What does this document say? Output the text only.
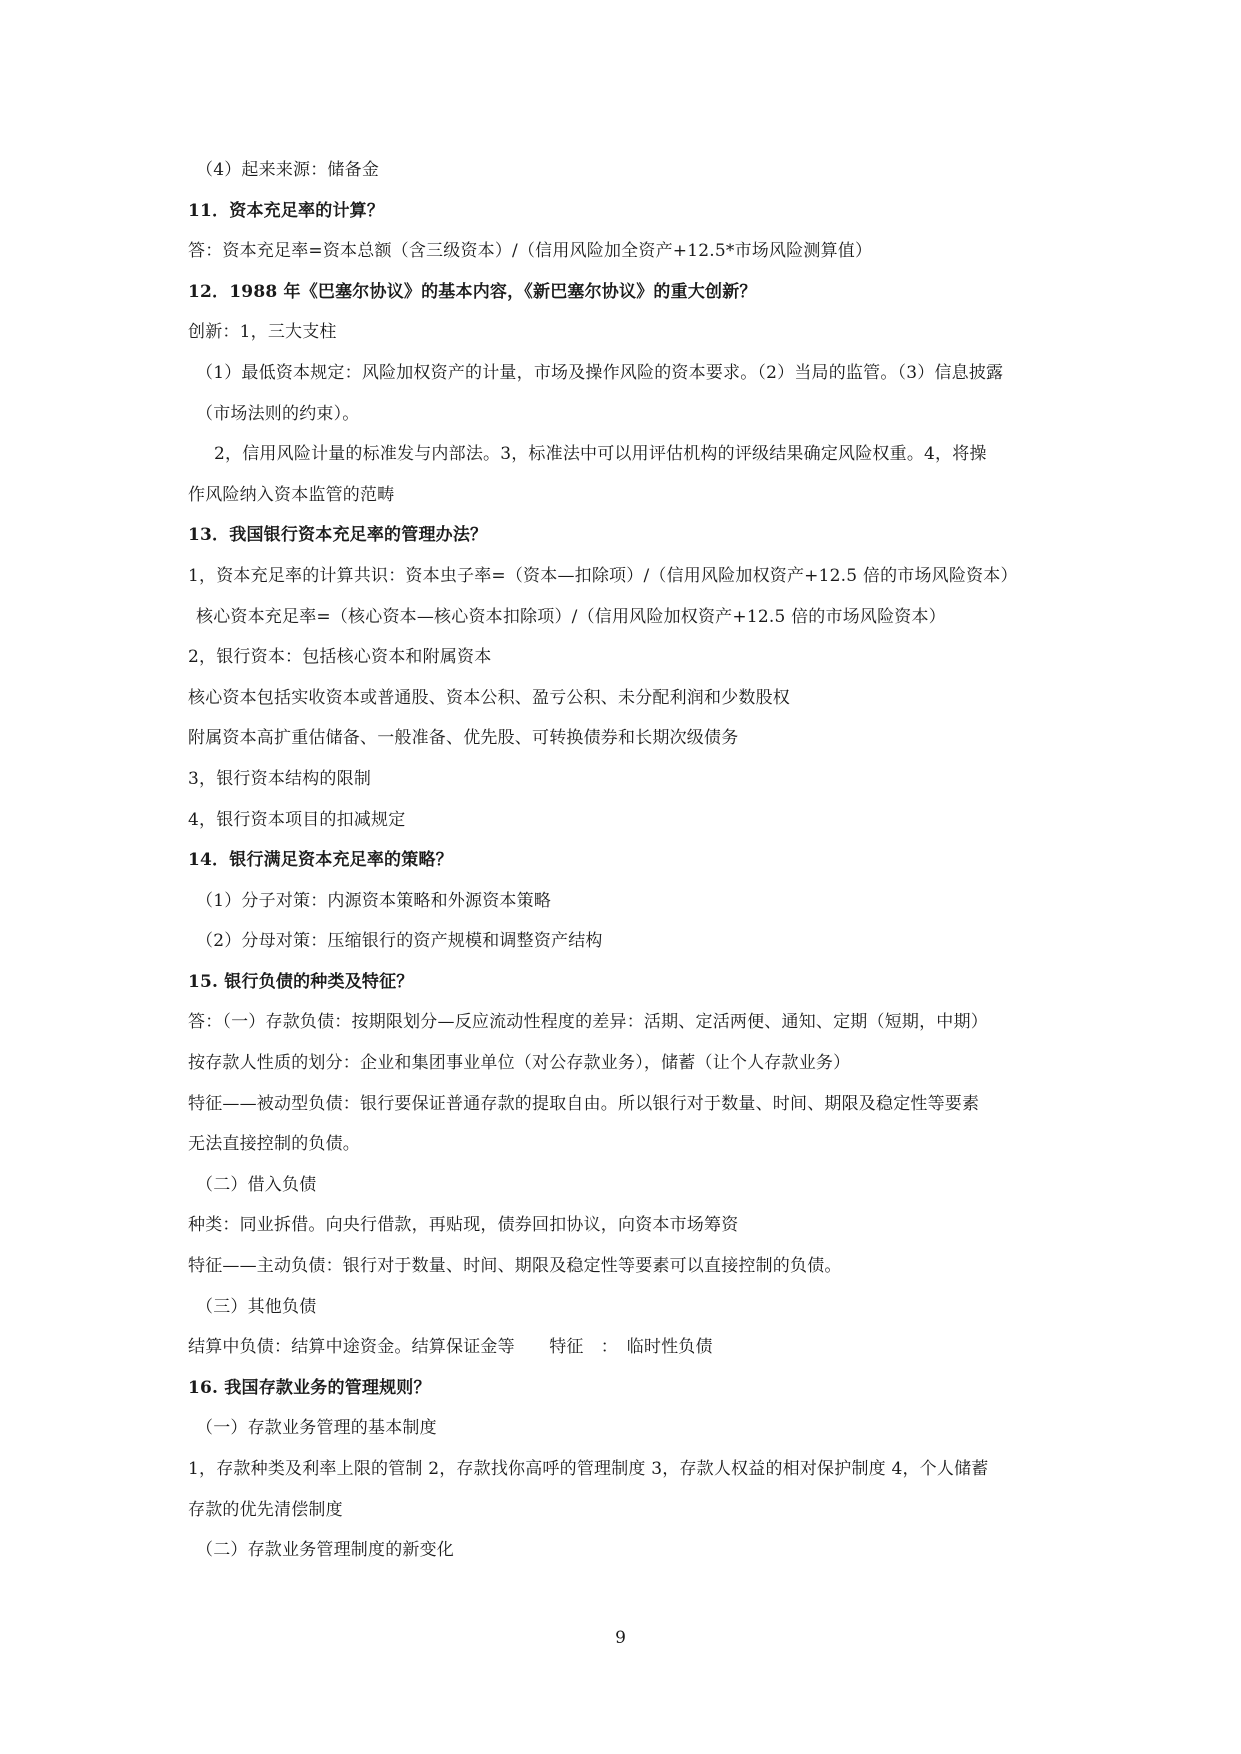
（4）起来来源：储备金
11．资本充足率的计算？
答：资本充足率=资本总额（含三级资本）/（信用风险加全资产+12.5*市场风险测算值）
12．1988 年《巴塞尔协议》的基本内容，《新巴塞尔协议》的重大创新？
创新：1，三大支柱
（1）最低资本规定：风险加权资产的计量，市场及操作风险的资本要求。（2）当局的监管。（3）信息披露
（市场法则的约束）。
2，信用风险计量的标准发与内部法。3，标准法中可以用评估机构的评级结果确定风险权重。4，将操
作风险纳入资本监管的范畴
13．我国银行资本充足率的管理办法？
1，资本充足率的计算共识：资本虫子率=（资本—扣除项）/（信用风险加权资产+12.5 倍的市场风险资本）
核心资本充足率=（核心资本—核心资本扣除项）/（信用风险加权资产+12.5 倍的市场风险资本）
2，银行资本：包括核心资本和附属资本
核心资本包括实收资本或普通股、资本公积、盈亏公积、未分配利润和少数股权
附属资本高扩重估储备、一般准备、优先股、可转换债券和长期次级债务
3，银行资本结构的限制
4，银行资本项目的扣减规定
14．银行满足资本充足率的策略？
（1）分子对策：内源资本策略和外源资本策略
（2）分母对策：压缩银行的资产规模和调整资产结构
15. 银行负债的种类及特征？
答：（一）存款负债：按期限划分—反应流动性程度的差异：活期、定活两便、通知、定期（短期，中期）
按存款人性质的划分：企业和集团事业单位（对公存款业务），储蓄（让个人存款业务）
特征——被动型负债：银行要保证普通存款的提取自由。所以银行对于数量、时间、期限及稳定性等要素
无法直接控制的负债。
（二）借入负债
种类：同业拆借。向央行借款，再贴现，债券回扣协议，向资本市场筹资
特征——主动负债：银行对于数量、时间、期限及稳定性等要素可以直接控制的负债。
（三）其他负债
结算中负债：结算中途资金。结算保证金等　　特征　：　临时性负债
16. 我国存款业务的管理规则？
（一）存款业务管理的基本制度
1，存款种类及利率上限的管制 2，存款找你高呼的管理制度 3，存款人权益的相对保护制度 4，个人储蓄
存款的优先清偿制度
（二）存款业务管理制度的新变化
9
